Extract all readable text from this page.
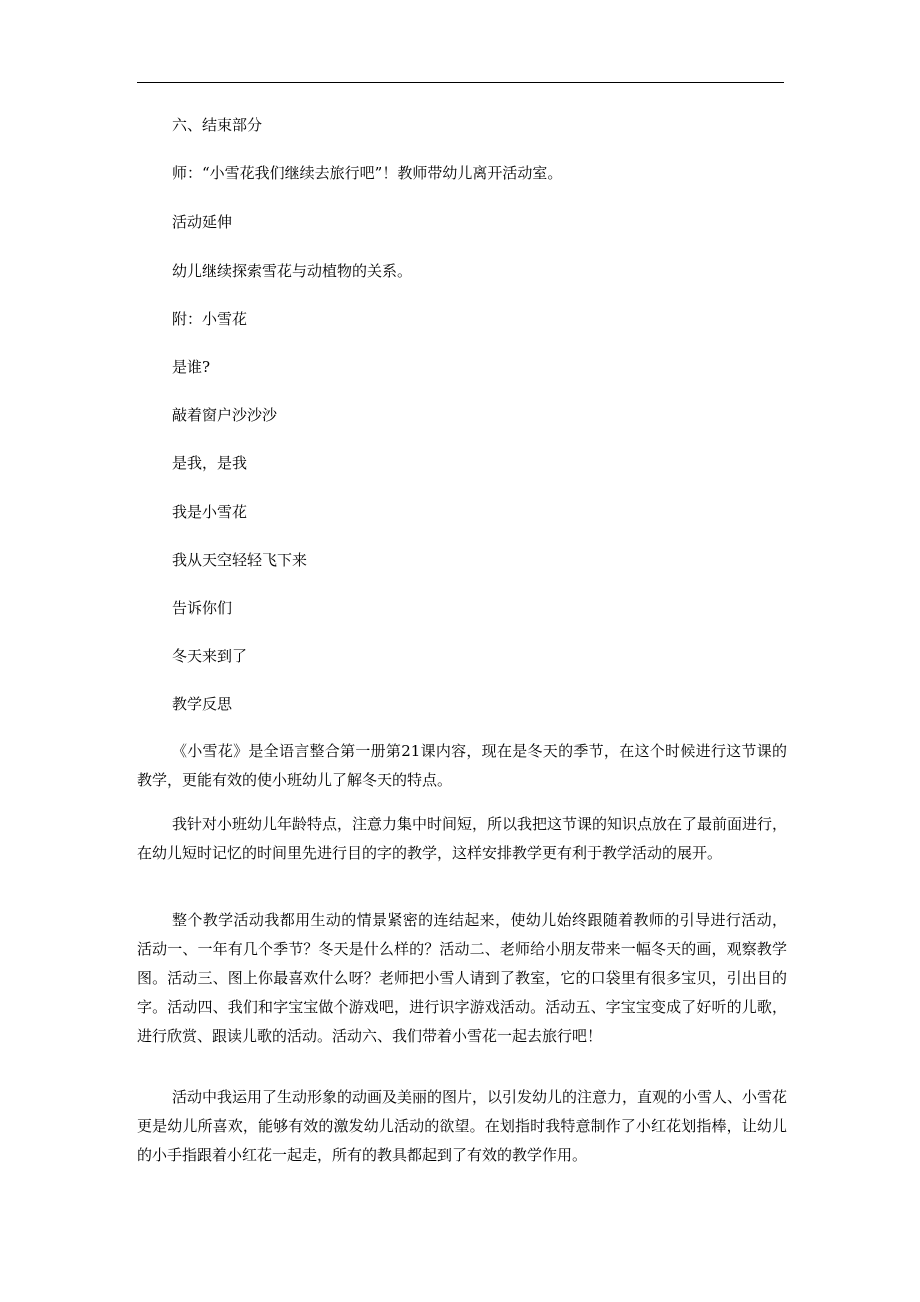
六、结束部分
师：“小雪花我们继续去旅行吧”！教师带幼儿离开活动室。
活动延伸
幼儿继续探索雪花与动植物的关系。
附：小雪花
是谁?
敲着窗户沙沙沙
是我，是我
我是小雪花
我从天空轻轻飞下来
告诉你们
冬天来到了
教学反思

《小雪花》是全语言整合第一册第21课内容，现在是冬天的季节，在这个时候进行这节课的教学，更能有效的使小班幼儿了解冬天的特点。

我针对小班幼儿年龄特点，注意力集中时间短，所以我把这节课的知识点放在了最前面进行，在幼儿短时记忆的时间里先进行目的字的教学，这样安排教学更有利于教学活动的展开。

整个教学活动我都用生动的情景紧密的连结起来，使幼儿始终跟随着教师的引导进行活动， 活动一、一年有几个季节？冬天是什么样的？活动二、老师给小朋友带来一幅冬天的画，观察教学图。活动三、图上你最喜欢什么呀？老师把小雪人请到了教室，它的口袋里有很多宝贝，引出目的字。活动四、我们和字宝宝做个游戏吧，进行识字游戏活动。活动五、字宝宝变成了好听的儿歌，进行欣赏、跟读儿歌的活动。活动六、我们带着小雪花一起去旅行吧！

活动中我运用了生动形象的动画及美丽的图片，以引发幼儿的注意力，直观的小雪人、小雪花更是幼儿所喜欢，能够有效的激发幼儿活动的欲望。在划指时我特意制作了小红花划指棒，让幼儿的小手指跟着小红花一起走，所有的教具都起到了有效的教学作用。
